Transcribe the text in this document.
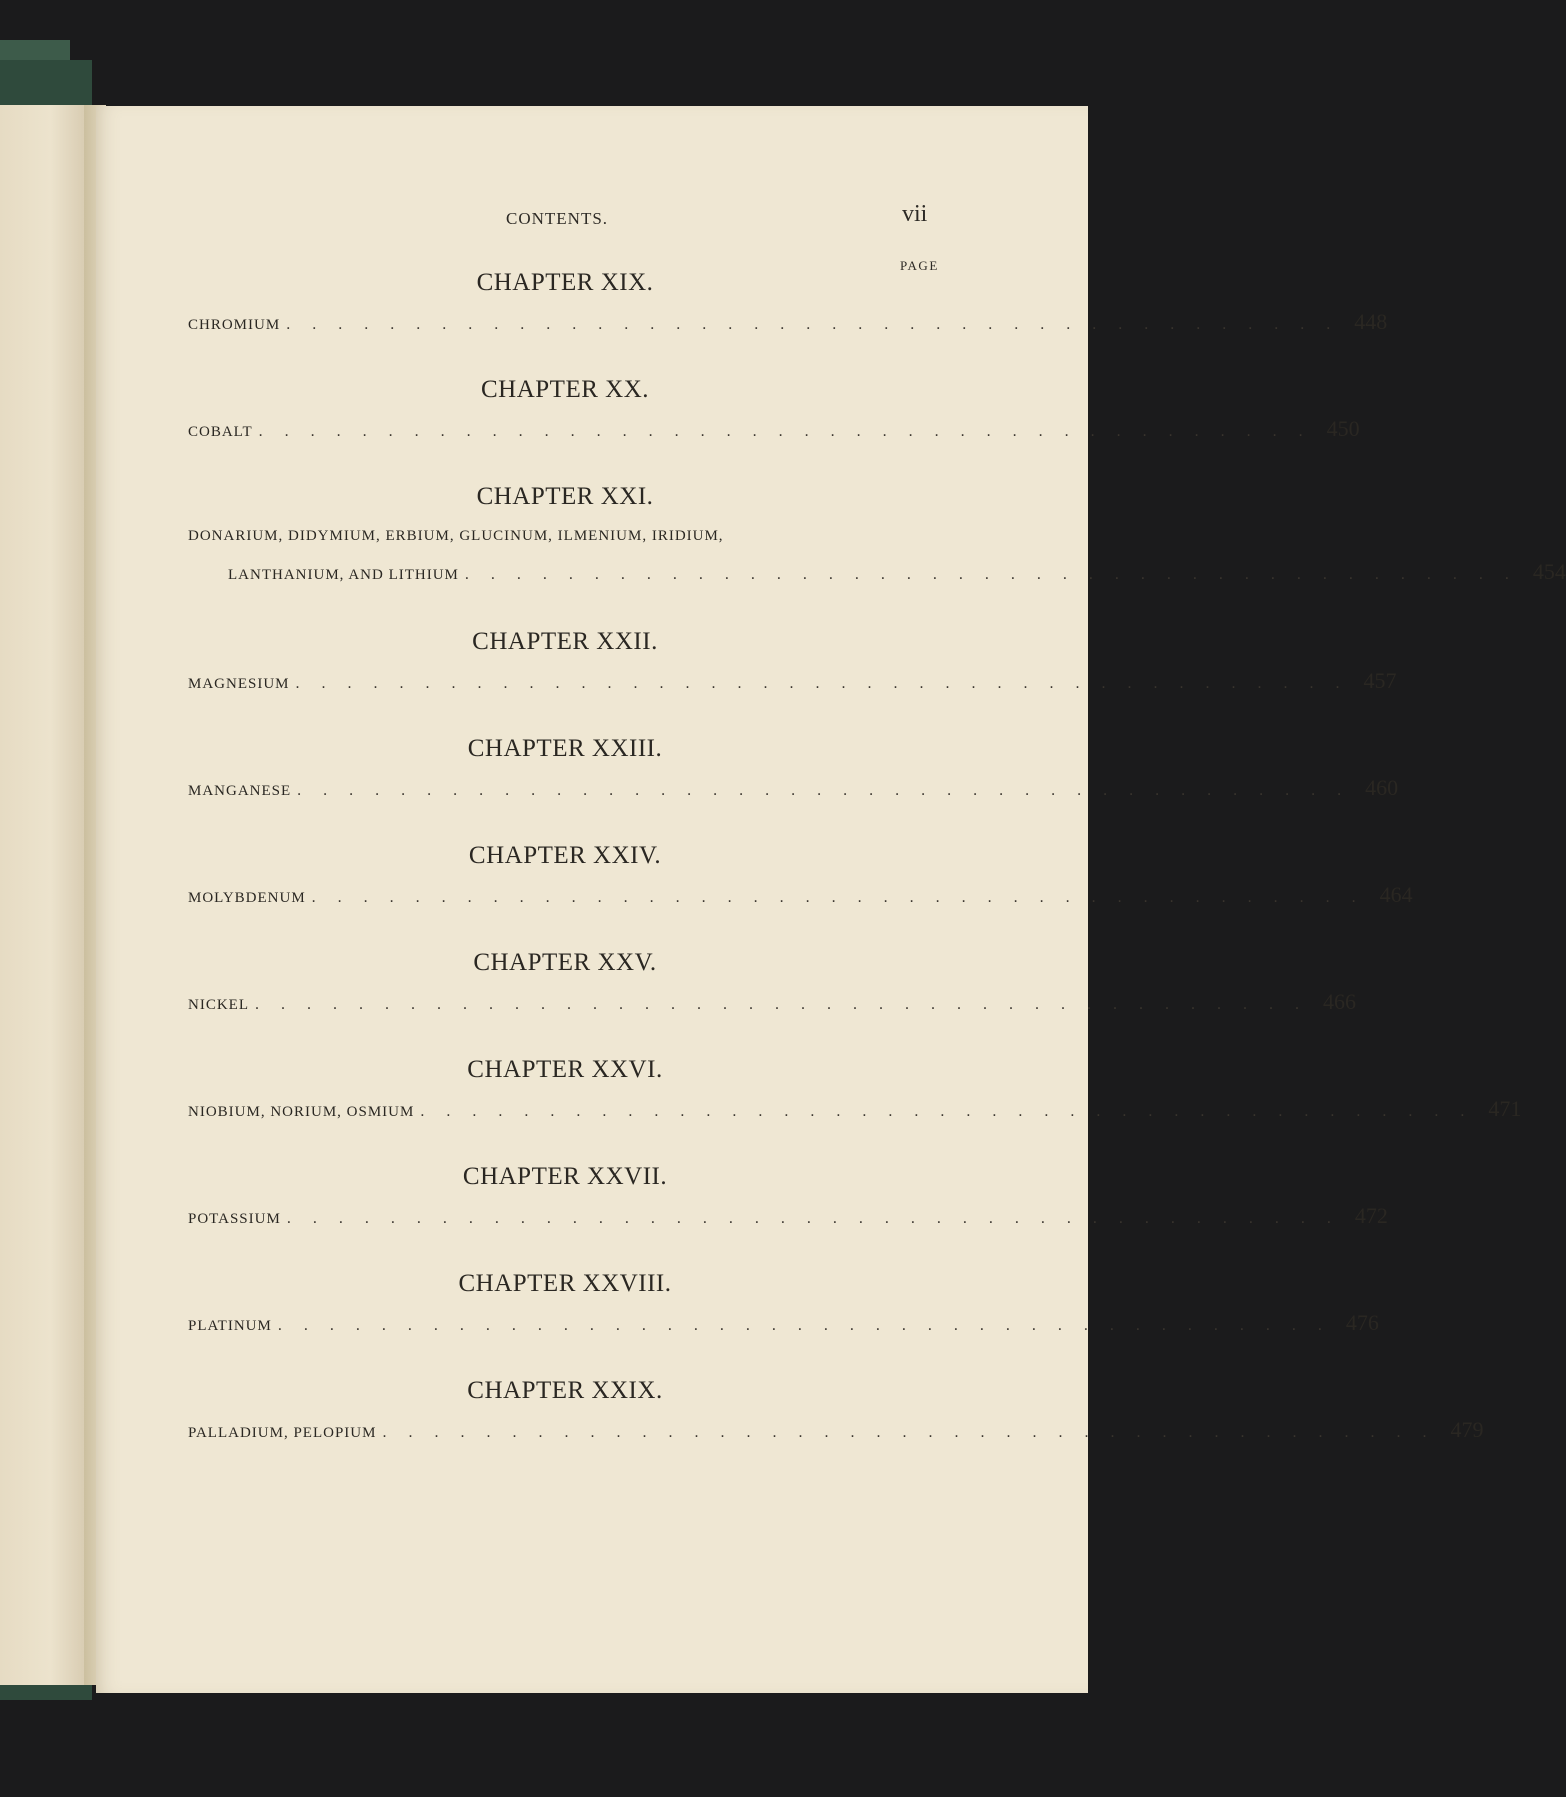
CONTENTS.	vii
PAGE
CHAPTER XIX.
CHROMIUM . . . . . . . . . . . . . . . . . . . . . . . . . . . . . . . . . . . . . . . . . 448
CHAPTER XX.
COBALT . . . . . . . . . . . . . . . . . . . . . . . . . . . . . . . . . . . . . . . . . 450
CHAPTER XXI.
DONARIUM, DIDYMIUM, ERBIUM, GLUCINUM, ILMENIUM, IRIDIUM,
LANTHANIUM, AND LITHIUM . . . . . . . . . . . . . . . . . . . . . . . . . . . . . . . . . . . . . . . . . 454
CHAPTER XXII.
MAGNESIUM . . . . . . . . . . . . . . . . . . . . . . . . . . . . . . . . . . . . . . . . . 457
CHAPTER XXIII.
MANGANESE . . . . . . . . . . . . . . . . . . . . . . . . . . . . . . . . . . . . . . . . . 460
CHAPTER XXIV.
MOLYBDENUM . . . . . . . . . . . . . . . . . . . . . . . . . . . . . . . . . . . . . . . . . 464
CHAPTER XXV.
NICKEL . . . . . . . . . . . . . . . . . . . . . . . . . . . . . . . . . . . . . . . . . 466
CHAPTER XXVI.
NIOBIUM, NORIUM, OSMIUM . . . . . . . . . . . . . . . . . . . . . . . . . . . . . . . . . . . . . . . . . 471
CHAPTER XXVII.
POTASSIUM . . . . . . . . . . . . . . . . . . . . . . . . . . . . . . . . . . . . . . . . . 472
CHAPTER XXVIII.
PLATINUM . . . . . . . . . . . . . . . . . . . . . . . . . . . . . . . . . . . . . . . . . 476
CHAPTER XXIX.
PALLADIUM, PELOPIUM . . . . . . . . . . . . . . . . . . . . . . . . . . . . . . . . . . . . . . . . . 479
